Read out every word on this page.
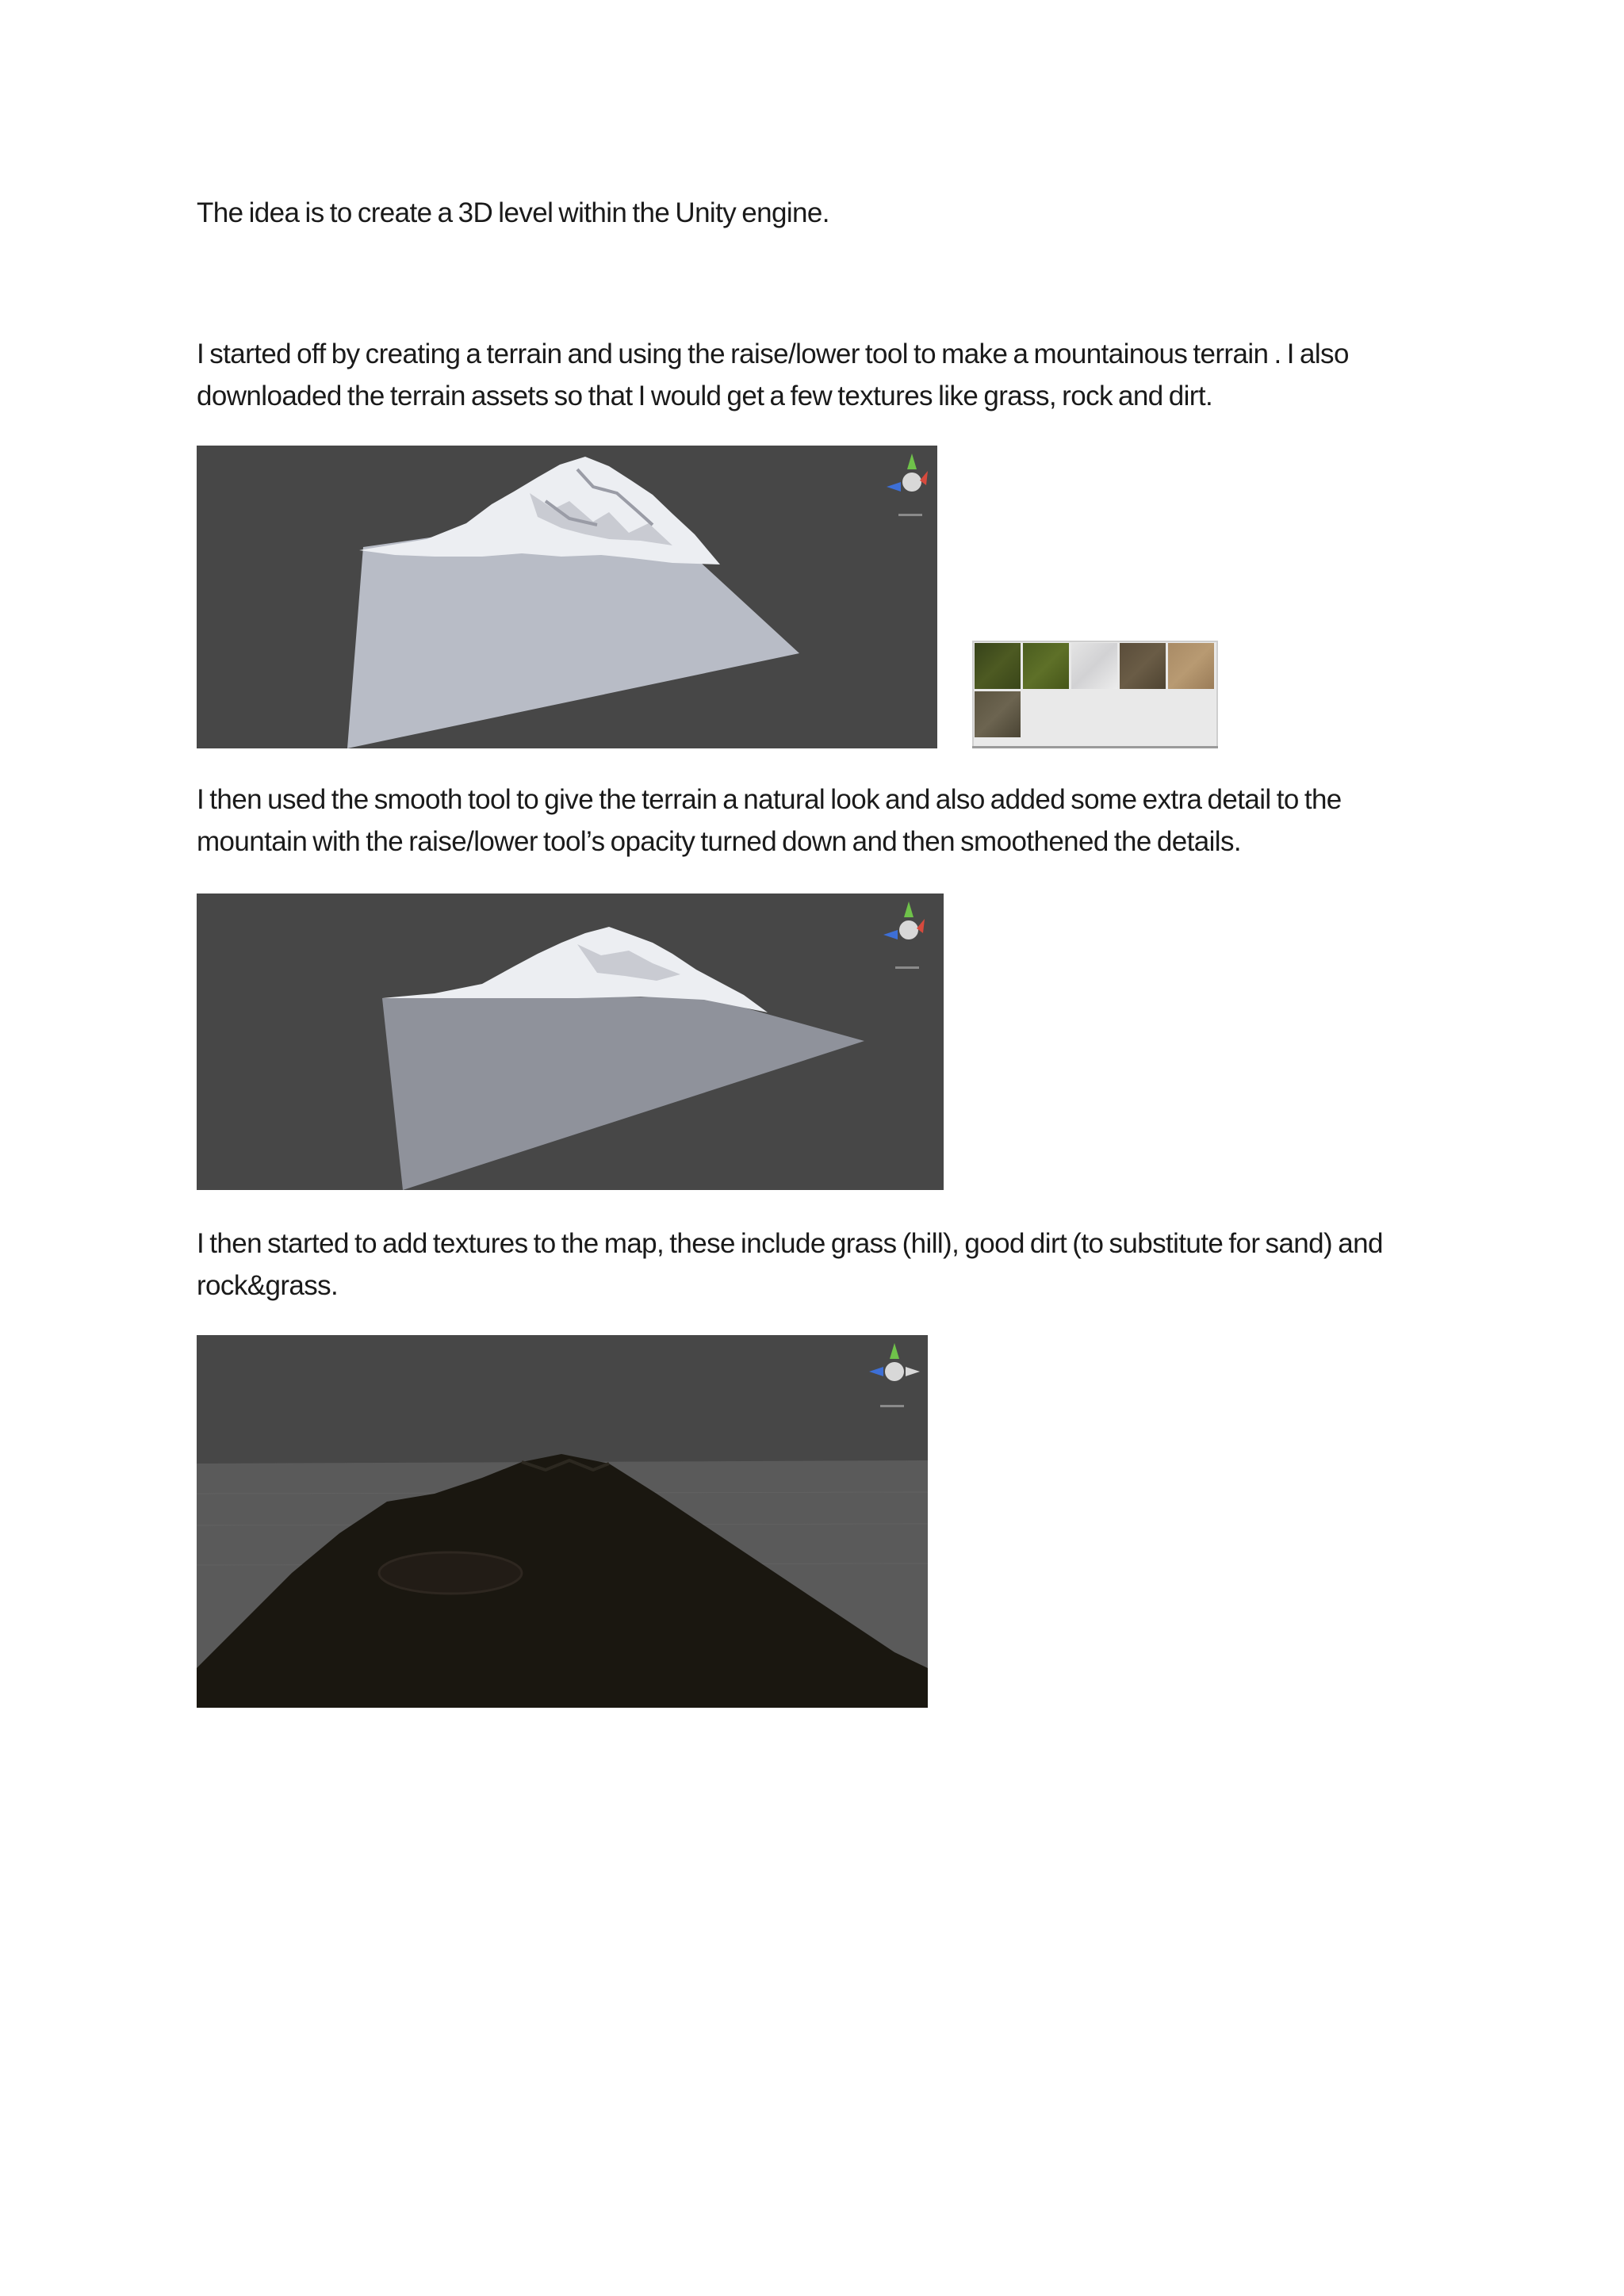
The idea is to create a 3D level within the Unity engine.

I started off by creating a terrain and using the raise/lower tool to make a mountainous terrain . I also downloaded the terrain assets so that I would get a few textures like grass, rock and dirt.

I then used the smooth tool to give the terrain a natural look and also added some extra detail to the mountain with the raise/lower tool’s opacity turned down and then smoothened the details.

I then started to add textures to the map, these include grass (hill), good dirt (to substitute for sand) and rock&grass.
